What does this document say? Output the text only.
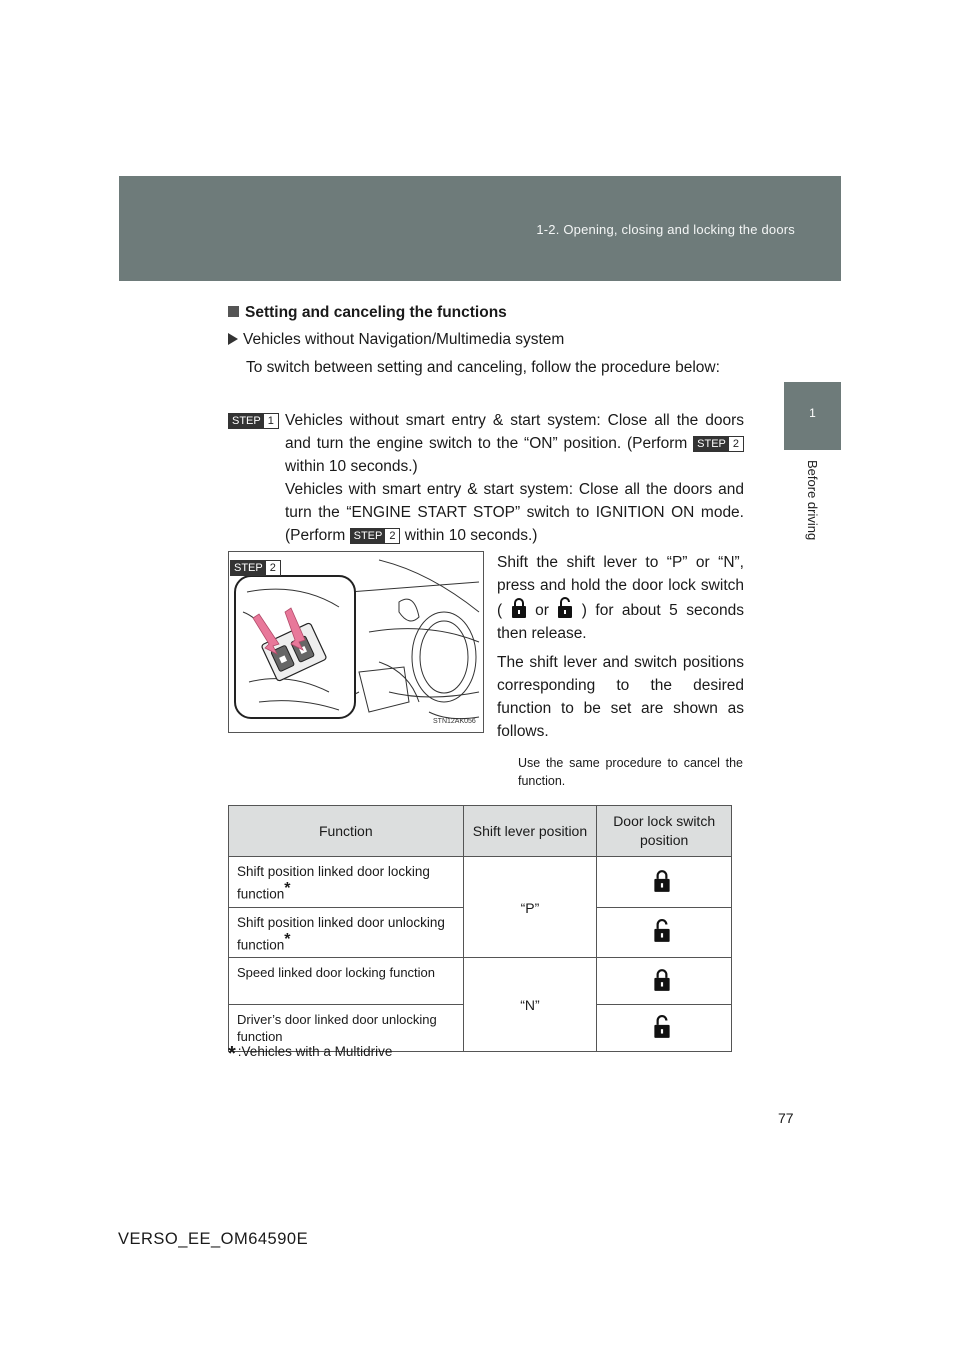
1-2. Opening, closing and locking the doors
1
Before driving
Setting and canceling the functions
Vehicles without Navigation/Multimedia system
To switch between setting and canceling, follow the procedure below:
STEP 1 Vehicles without smart entry & start system: Close all the doors and turn the engine switch to the “ON” position. (Perform STEP 2 within 10 seconds.)
Vehicles with smart entry & start system: Close all the doors and turn the “ENGINE START STOP” switch to IGNITION ON mode. (Perform STEP 2 within 10 seconds.)
STEP 2
STN12AK056
Shift the shift lever to “P” or “N”, press and hold the door lock switch ( or ) for about 5 seconds then release.
The shift lever and switch positions corresponding to the desired function to be set are shown as follows.
Use the same procedure to cancel the function.
Function	Shift lever position	Door lock switch position
Shift position linked door locking function*	“P”	
Shift position linked door unlocking function*	
Speed linked door locking function	“N”	
Driver’s door linked door unlocking function	
* :Vehicles with a Multidrive
77
VERSO_EE_OM64590E
